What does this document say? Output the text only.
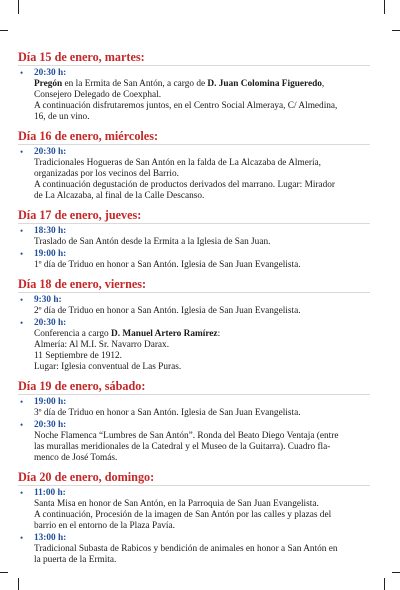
Día 15 de enero, martes:
• 20:30 h:
Pregón en la Ermita de San Antón, a cargo de D. Juan Colomina Figueredo,
Consejero Delegado de Coexphal.
A continuación disfrutaremos juntos, en el Centro Social Almeraya, C/ Almedina,
16, de un vino.
Día 16 de enero, miércoles:
• 20:30 h:
Tradicionales Hogueras de San Antón en la falda de La Alcazaba de Almería,
organizadas por los vecinos del Barrio.
A continuación degustación de productos derivados del marrano. Lugar: Mirador
de La Alcazaba, al final de la Calle Descanso.
Día 17 de enero, jueves:
• 18:30 h:
Traslado de San Antón desde la Ermita a la Iglesia de San Juan.
• 19:00 h:
1º día de Triduo en honor a San Antón. Iglesia de San Juan Evangelista.
Día 18 de enero, viernes:
• 9:30 h:
2º día de Triduo en honor a San Antón. Iglesia de San Juan Evangelista.
• 20:30 h:
Conferencia a cargo D. Manuel Artero Ramírez:
Almería: Al M.I. Sr. Navarro Darax.
11 Septiembre de 1912.
Lugar: Iglesia conventual de Las Puras.
Día 19 de enero, sábado:
• 19:00 h:
3º día de Triduo en honor a San Antón. Iglesia de San Juan Evangelista.
• 20:30 h:
Noche Flamenca “Lumbres de San Antón”. Ronda del Beato Diego Ventaja (entre
las murallas meridionales de la Catedral y el Museo de la Guitarra). Cuadro fla-
menco de José Tomás.
Día 20 de enero, domingo:
• 11:00 h:
Santa Misa en honor de San Antón, en la Parroquia de San Juan Evangelista.
A continuación, Procesión de la imagen de San Antón por las calles y plazas del
barrio en el entorno de la Plaza Pavía.
• 13:00 h:
Tradicional Subasta de Rabicos y bendición de animales en honor a San Antón en
la puerta de la Ermita.
